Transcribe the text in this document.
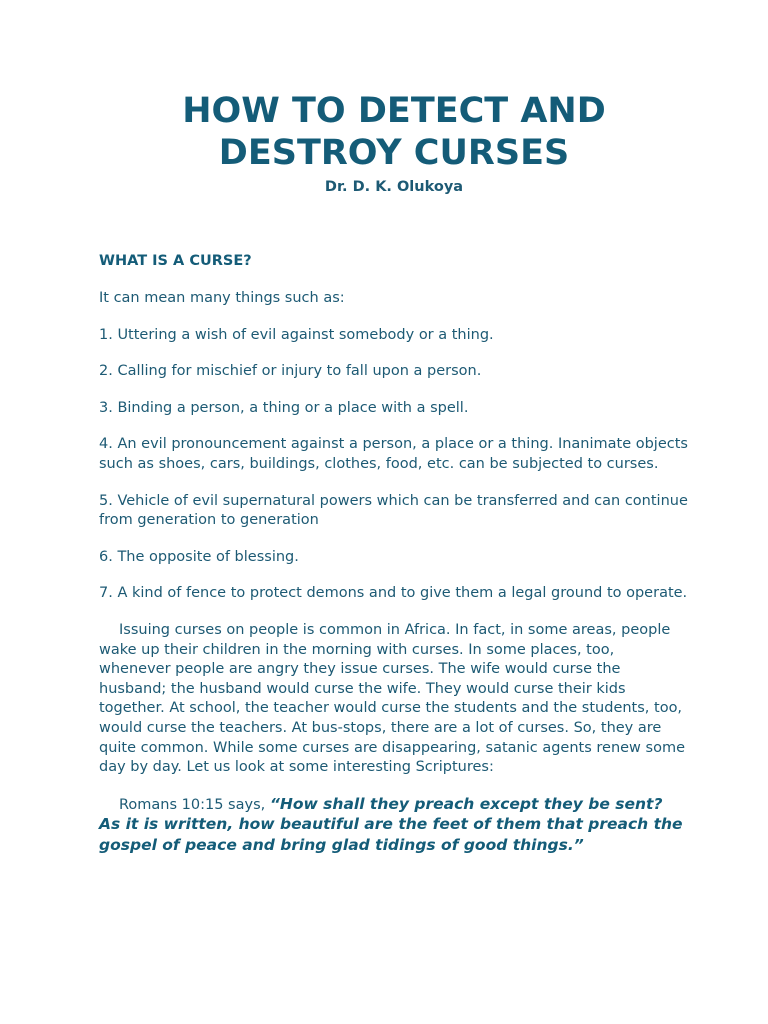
HOW TO DETECT AND
DESTROY CURSES

Dr. D. K. Olukoya

WHAT IS A CURSE?

It can mean many things such as:

1. Uttering a wish of evil against somebody or a thing.

2. Calling for mischief or injury to fall upon a person.

3. Binding a person, a thing or a place with a spell.

4. An evil pronouncement against a person, a place or a thing. Inanimate objects such as shoes, cars, buildings, clothes, food, etc. can be subjected to curses.

5. Vehicle of evil supernatural powers which can be transferred and can continue from generation to generation

6. The opposite of blessing.

7. A kind of fence to protect demons and to give them a legal ground to operate.

Issuing curses on people is common in Africa. In fact, in some areas, people wake up their children in the morning with curses. In some places, too, whenever people are angry they issue curses. The wife would curse the husband; the husband would curse the wife. They would curse their kids together. At school, the teacher would curse the students and the students, too, would curse the teachers. At bus-stops, there are a lot of curses. So, they are quite common. While some curses are disappearing, satanic agents renew some day by day. Let us look at some interesting Scriptures:

Romans 10:15 says, “How shall they preach except they be sent? As it is written, how beautiful are the feet of them that preach the gospel of peace and bring glad tidings of good things.”
